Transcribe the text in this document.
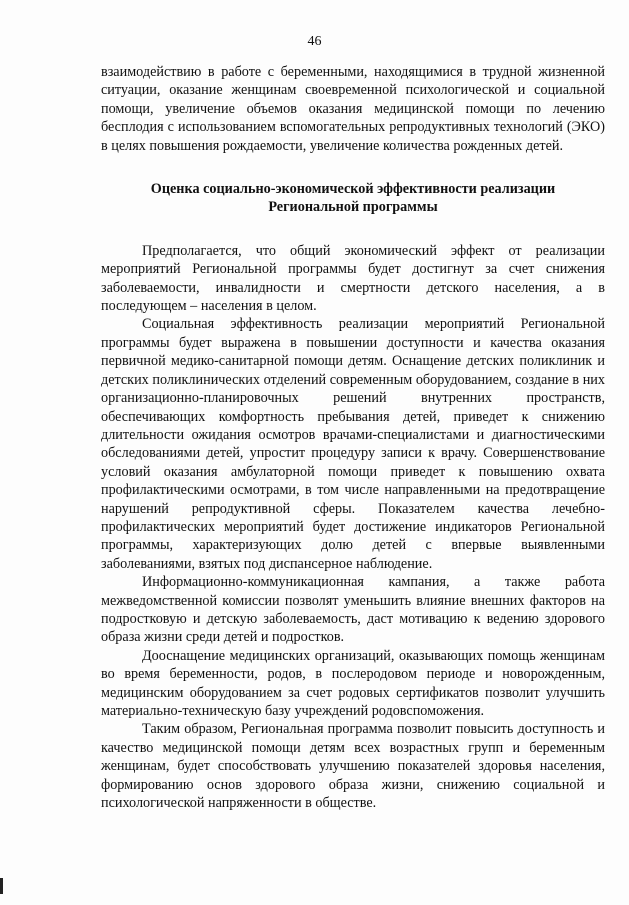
46

взаимодействию в работе с беременными, находящимися в трудной жизненной ситуации, оказание женщинам своевременной психологической и социальной помощи, увеличение объемов оказания медицинской помощи по лечению бесплодия с использованием вспомогательных репродуктивных технологий (ЭКО) в целях повышения рождаемости, увеличение количества рожденных детей.

Оценка социально-экономической эффективности реализации
Региональной программы

Предполагается, что общий экономический эффект от реализации мероприятий Региональной программы будет достигнут за счет снижения заболеваемости, инвалидности и смертности детского населения, а в последующем – населения в целом.

Социальная эффективность реализации мероприятий Региональной программы будет выражена в повышении доступности и качества оказания первичной медико-санитарной помощи детям. Оснащение детских поликлиник и детских поликлинических отделений современным оборудованием, создание в них организационно-планировочных решений внутренних пространств, обеспечивающих комфортность пребывания детей, приведет к снижению длительности ожидания осмотров врачами-специалистами и диагностическими обследованиями детей, упростит процедуру записи к врачу. Совершенствование условий оказания амбулаторной помощи приведет к повышению охвата профилактическими осмотрами, в том числе направленными на предотвращение нарушений репродуктивной сферы. Показателем качества лечебно-профилактических мероприятий будет достижение индикаторов Региональной программы, характеризующих долю детей с впервые выявленными заболеваниями, взятых под диспансерное наблюдение.

Информационно-коммуникационная кампания, а также работа межведомственной комиссии позволят уменьшить влияние внешних факторов на подростковую и детскую заболеваемость, даст мотивацию к ведению здорового образа жизни среди детей и подростков.

Дооснащение медицинских организаций, оказывающих помощь женщинам во время беременности, родов, в послеродовом периоде и новорожденным, медицинским оборудованием за счет родовых сертификатов позволит улучшить материально-техническую базу учреждений родовспоможения.

Таким образом, Региональная программа позволит повысить доступность и качество медицинской помощи детям всех возрастных групп и беременным женщинам, будет способствовать улучшению показателей здоровья населения, формированию основ здорового образа жизни, снижению социальной и психологической напряженности в обществе.
